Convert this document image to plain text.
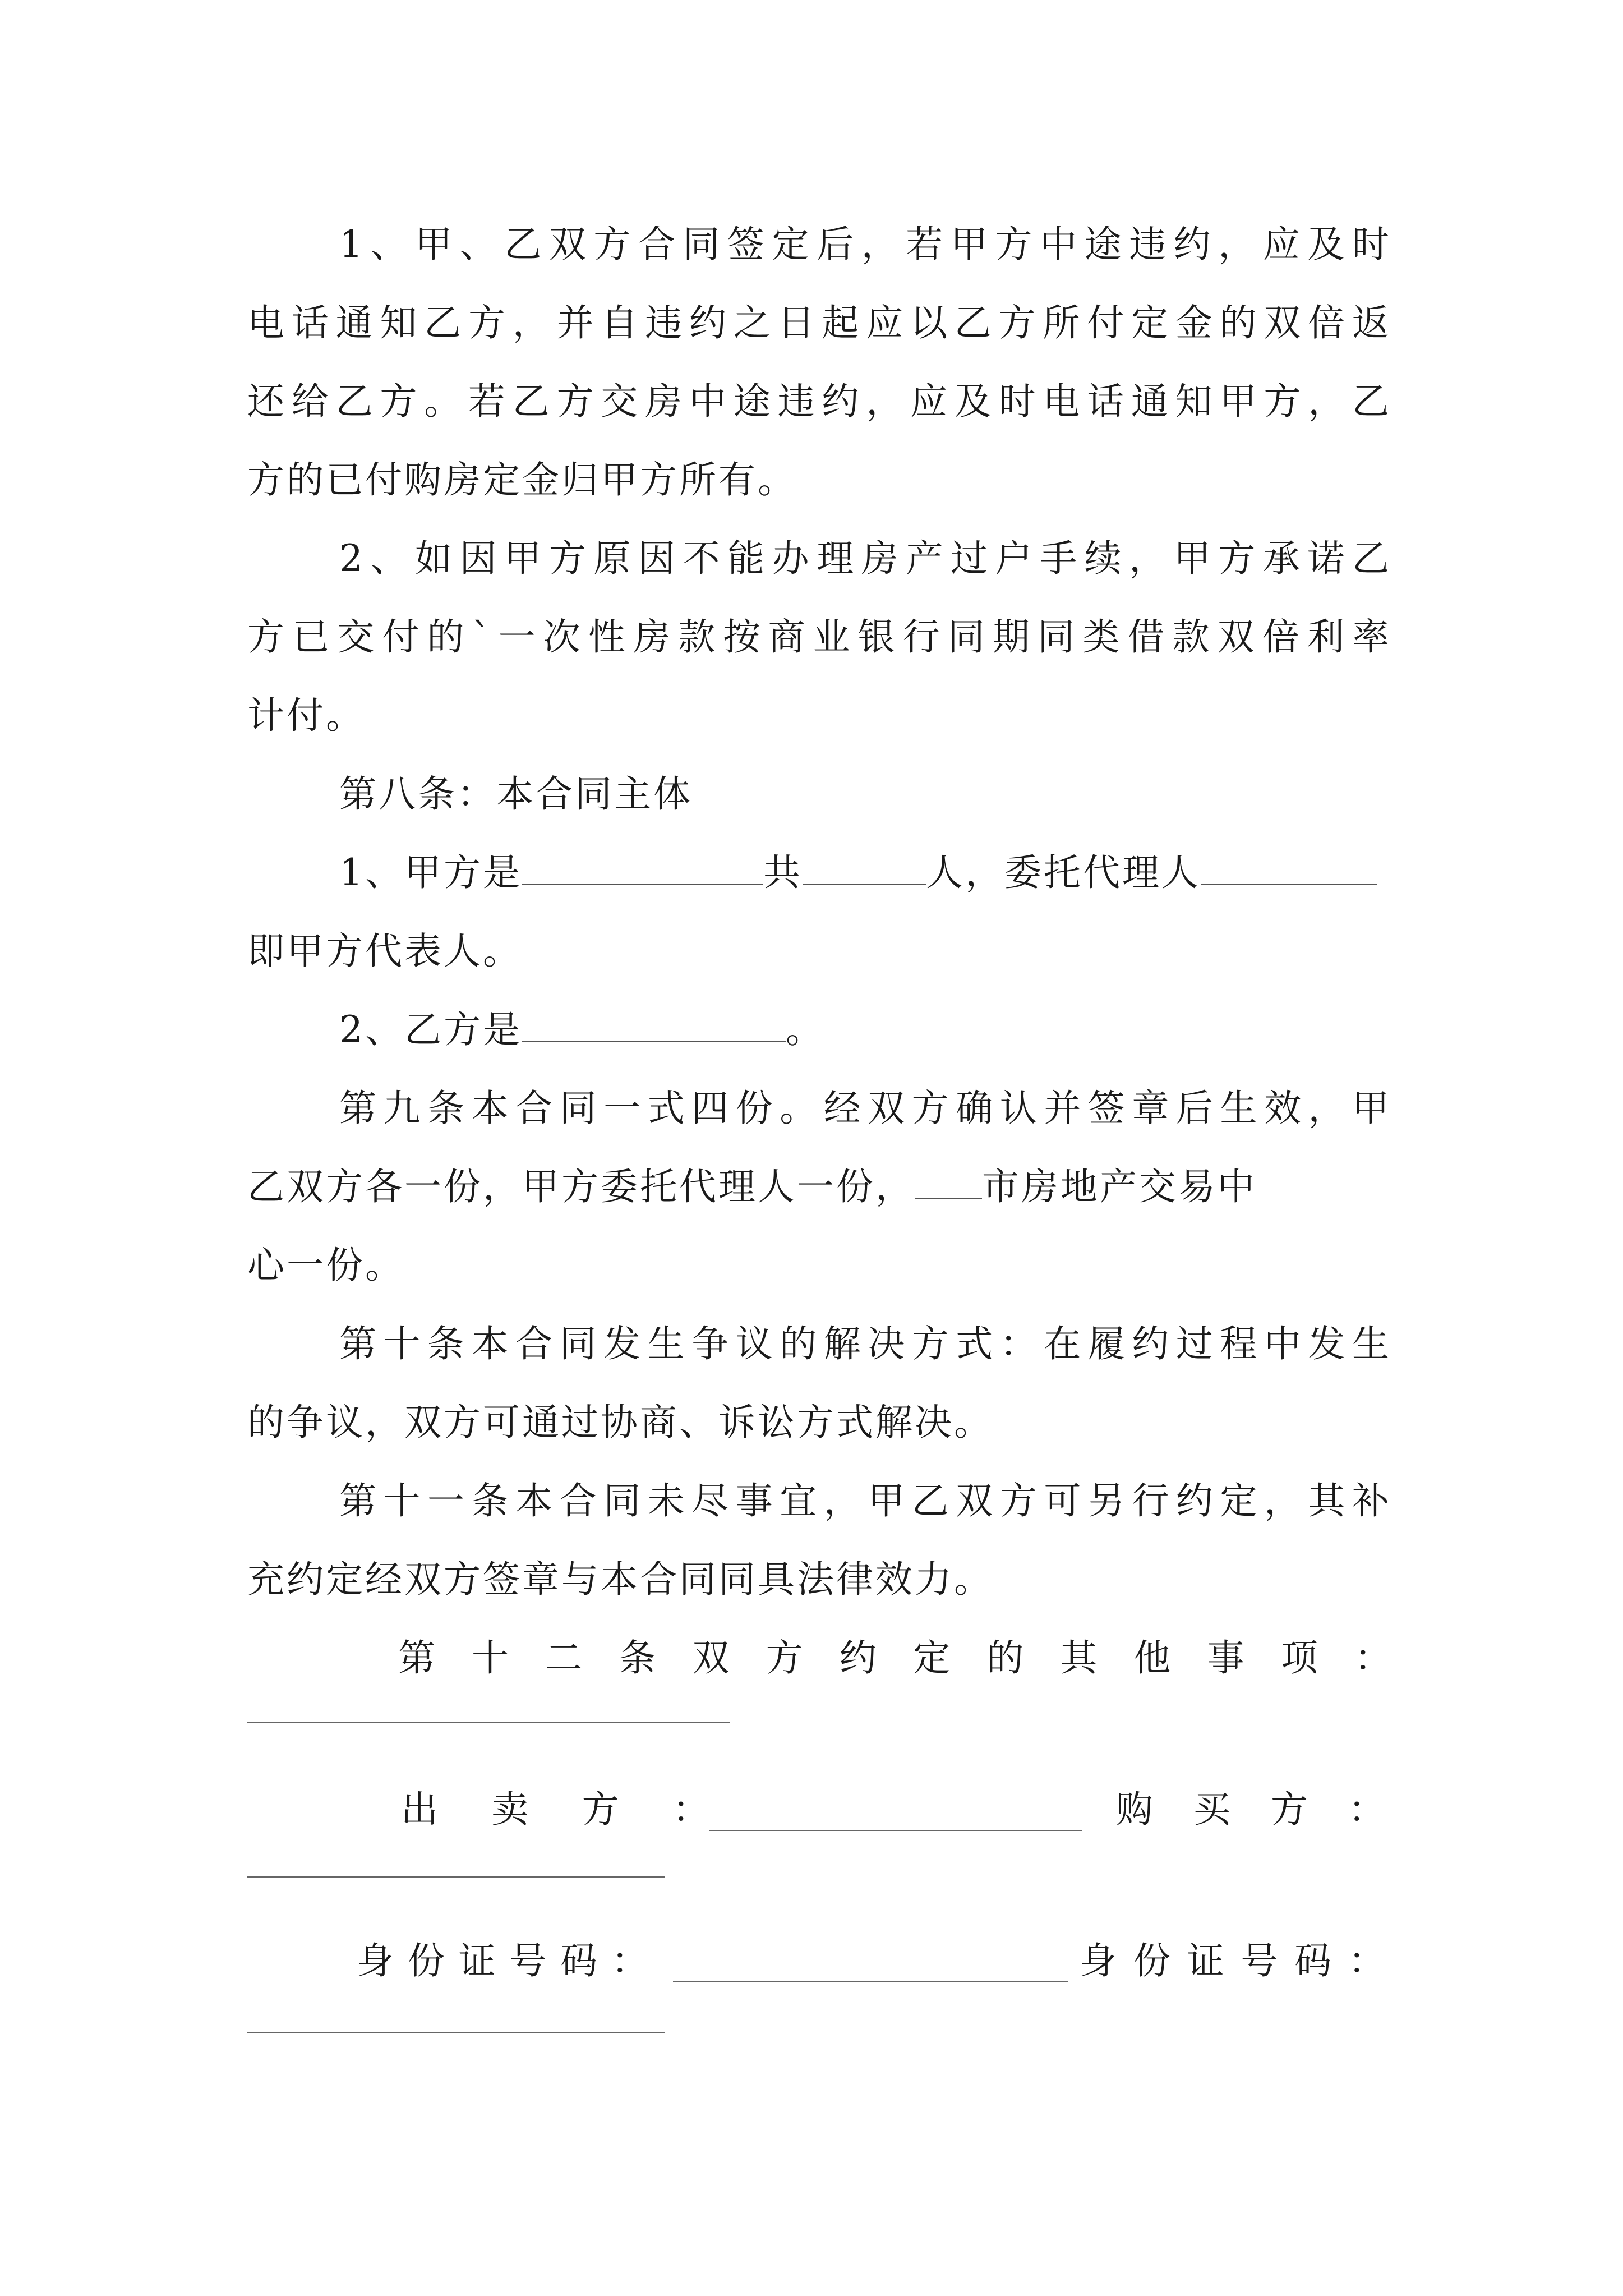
1、甲、乙双方合同签定后，若甲方中途违约，应及时
电话通知乙方，并自违约之日起应以乙方所付定金的双倍返
还给乙方。若乙方交房中途违约，应及时电话通知甲方，乙
方的已付购房定金归甲方所有。
2、如因甲方原因不能办理房产过户手续，甲方承诺乙
方已交付的`一次性房款按商业银行同期同类借款双倍利率
计付。
第八条：本合同主体
1、甲方是	共	人，委托代理人
即甲方代表人。
2、乙方是	。
第九条本合同一式四份。经双方确认并签章后生效，甲
乙双方各一份，甲方委托代理人一份， 市房地产交易中
心一份。
第十条本合同发生争议的解决方式：在履约过程中发生
的争议，双方可通过协商、诉讼方式解决。
第十一条本合同未尽事宜，甲乙双方可另行约定，其补
充约定经双方签章与本合同同具法律效力。
第十二条双方约定的其他事项：
出卖方：	购买方：
身份证号码：	身份证号码：
